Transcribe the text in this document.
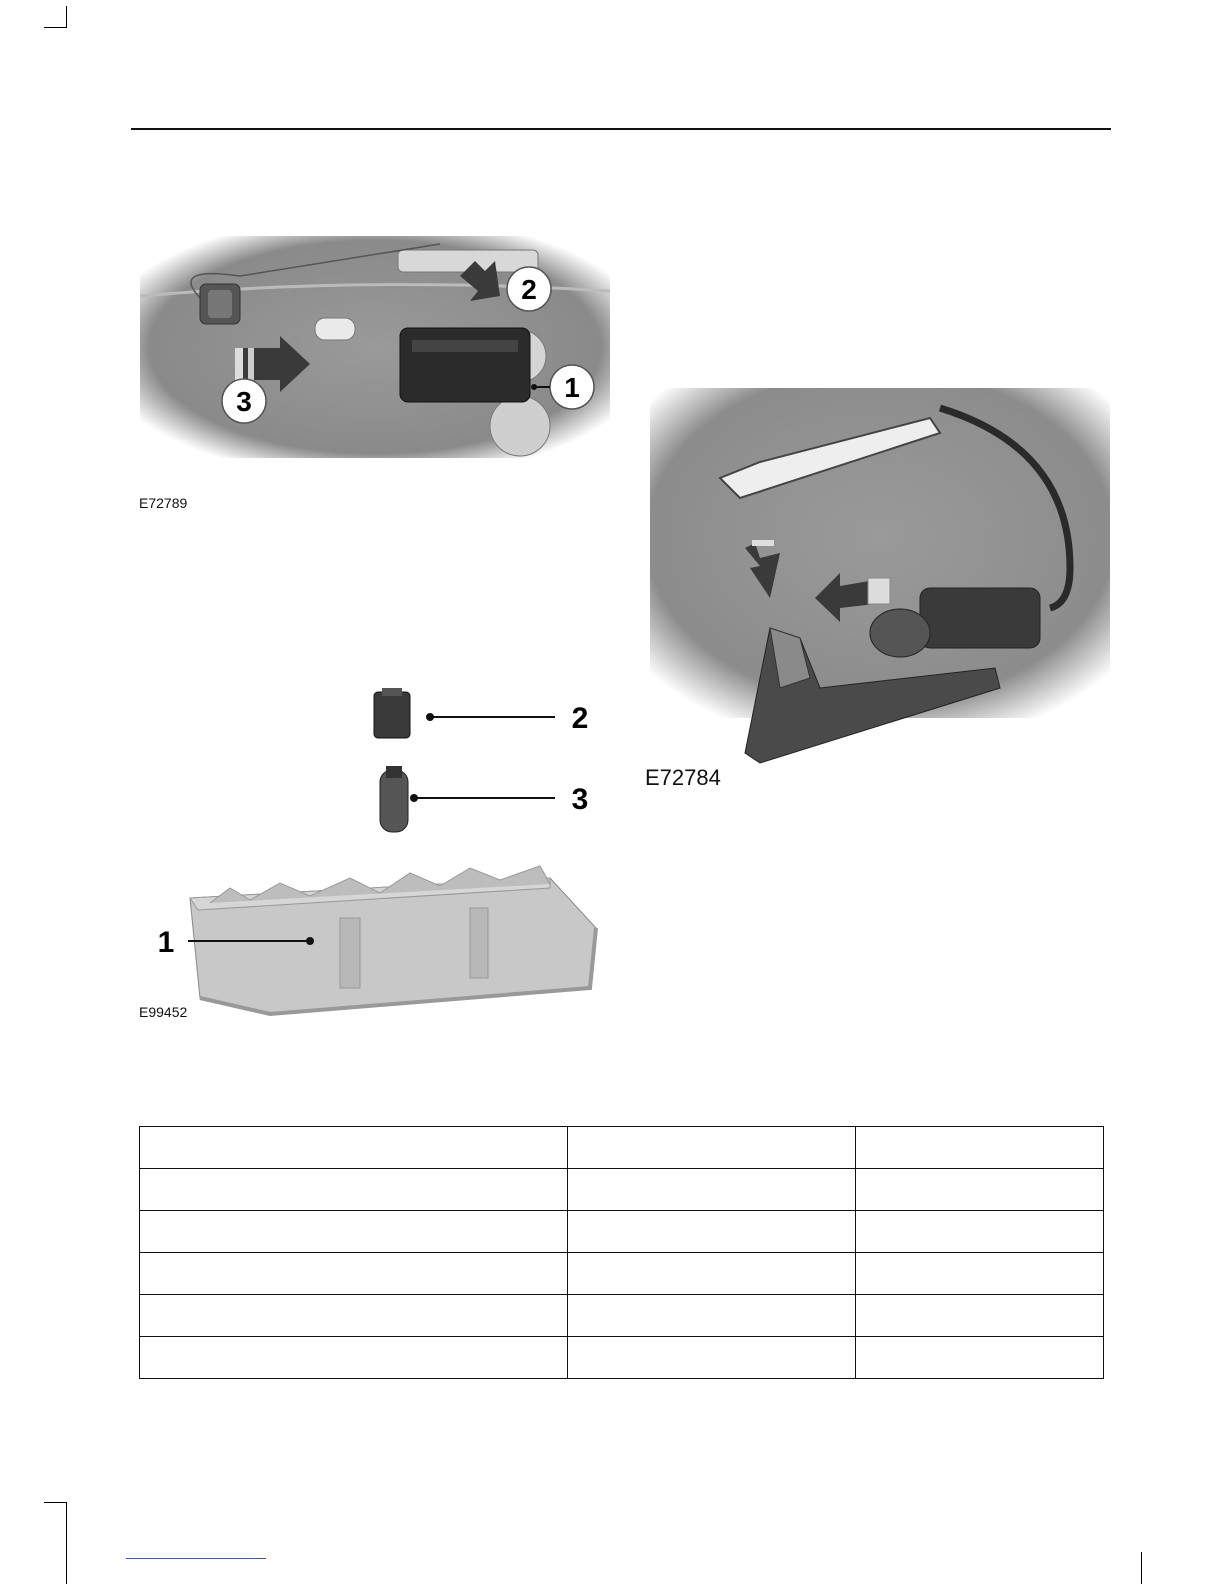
2
1
3
E72789
2
3
1
E99452
E72784
